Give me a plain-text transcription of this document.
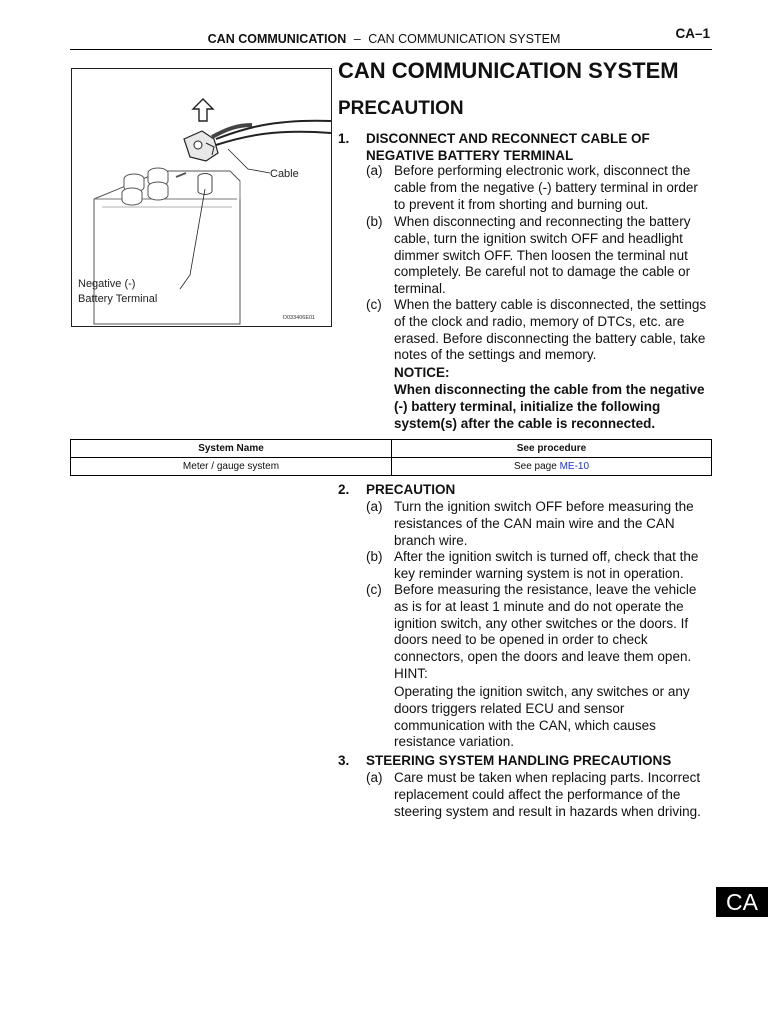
CAN COMMUNICATION – CAN COMMUNICATION SYSTEM	CA–1
Cable
Negative (-)
Battery Terminal
D033406E01
CAN COMMUNICATION SYSTEM
PRECAUTION
1. DISCONNECT AND RECONNECT CABLE OF
NEGATIVE BATTERY TERMINAL
(a) Before performing electronic work, disconnect the cable from the negative (-) battery terminal in order to prevent it from shorting and burning out.
(b) When disconnecting and reconnecting the battery cable, turn the ignition switch OFF and headlight dimmer switch OFF. Then loosen the terminal nut completely. Be careful not to damage the cable or terminal.
(c) When the battery cable is disconnected, the settings of the clock and radio, memory of DTCs, etc. are erased. Before disconnecting the battery cable, take notes of the settings and memory.
NOTICE:
When disconnecting the cable from the negative (-) battery terminal, initialize the following system(s) after the cable is reconnected.
System Name	See procedure
Meter / gauge system	See page ME-10
2. PRECAUTION
(a) Turn the ignition switch OFF before measuring the resistances of the CAN main wire and the CAN branch wire.
(b) After the ignition switch is turned off, check that the key reminder warning system is not in operation.
(c) Before measuring the resistance, leave the vehicle as is for at least 1 minute and do not operate the ignition switch, any other switches or the doors. If doors need to be opened in order to check connectors, open the doors and leave them open.
HINT:
Operating the ignition switch, any switches or any doors triggers related ECU and sensor communication with the CAN, which causes resistance variation.
3. STEERING SYSTEM HANDLING PRECAUTIONS
(a) Care must be taken when replacing parts. Incorrect replacement could affect the performance of the steering system and result in hazards when driving.
CA
